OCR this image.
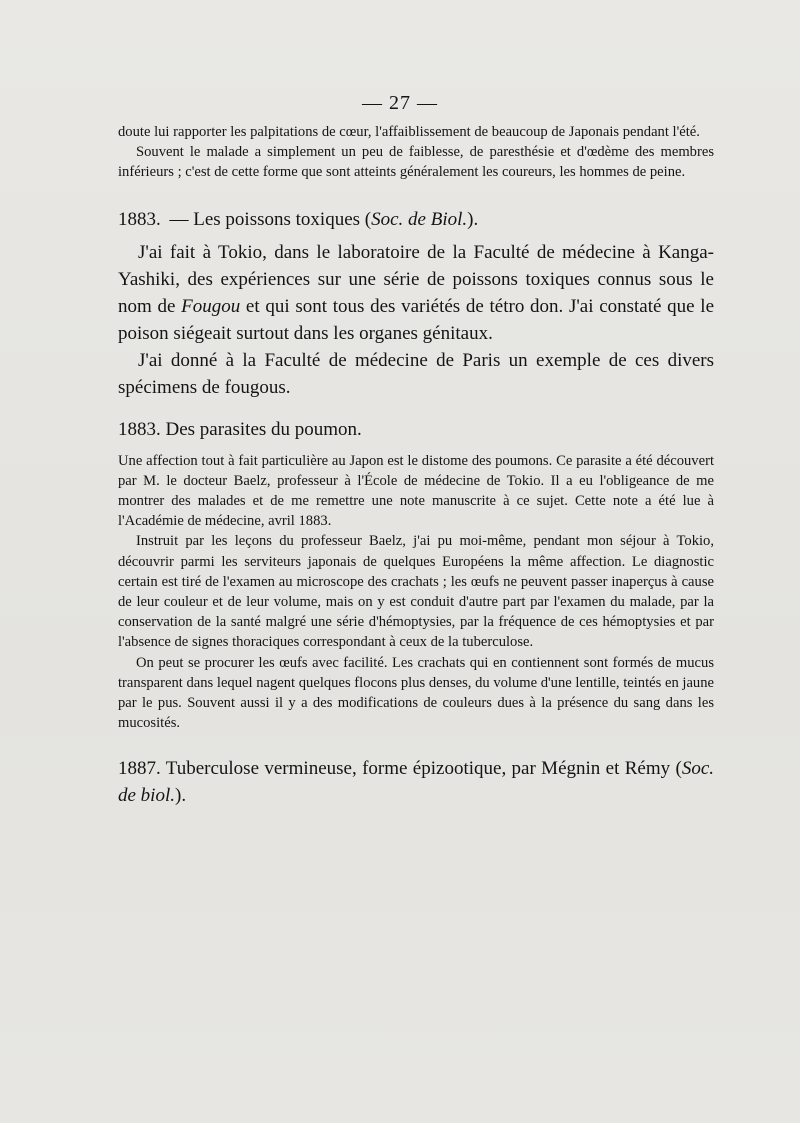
— 27 —

doute lui rapporter les palpitations de cœur, l'affaiblissement de beaucoup de Japonais pendant l'été.

Souvent le malade a simplement un peu de faiblesse, de paresthésie et d'œdème des membres inférieurs ; c'est de cette forme que sont atteints généralement les coureurs, les hommes de peine.

1883. — Les poissons toxiques (Soc. de Biol.).

J'ai fait à Tokio, dans le laboratoire de la Faculté de médecine à Kanga-Yashiki, des expériences sur une série de poissons toxiques connus sous le nom de Fougou et qui sont tous des variétés de tétro don. J'ai constaté que le poison siégeait surtout dans les organes génitaux.

J'ai donné à la Faculté de médecine de Paris un exemple de ces divers spécimens de fougous.

1883. Des parasites du poumon.

Une affection tout à fait particulière au Japon est le distome des poumons. Ce parasite a été découvert par M. le docteur Baelz, professeur à l'École de médecine de Tokio. Il a eu l'obligeance de me montrer des malades et de me remettre une note manuscrite à ce sujet. Cette note a été lue à l'Académie de médecine, avril 1883.

Instruit par les leçons du professeur Baelz, j'ai pu moi-même, pendant mon séjour à Tokio, découvrir parmi les serviteurs japonais de quelques Européens la même affection. Le diagnostic certain est tiré de l'examen au microscope des crachats ; les œufs ne peuvent passer inaperçus à cause de leur couleur et de leur volume, mais on y est conduit d'autre part par l'examen du malade, par la conservation de la santé malgré une série d'hémoptysies, par la fréquence de ces hémoptysies et par l'absence de signes thoraciques correspondant à ceux de la tuberculose.

On peut se procurer les œufs avec facilité. Les crachats qui en contiennent sont formés de mucus transparent dans lequel nagent quelques flocons plus denses, du volume d'une lentille, teintés en jaune par le pus. Souvent aussi il y a des modifications de couleurs dues à la présence du sang dans les mucosités.

1887. Tuberculose vermineuse, forme épizootique, par Mégnin et Rémy (Soc. de biol.).
